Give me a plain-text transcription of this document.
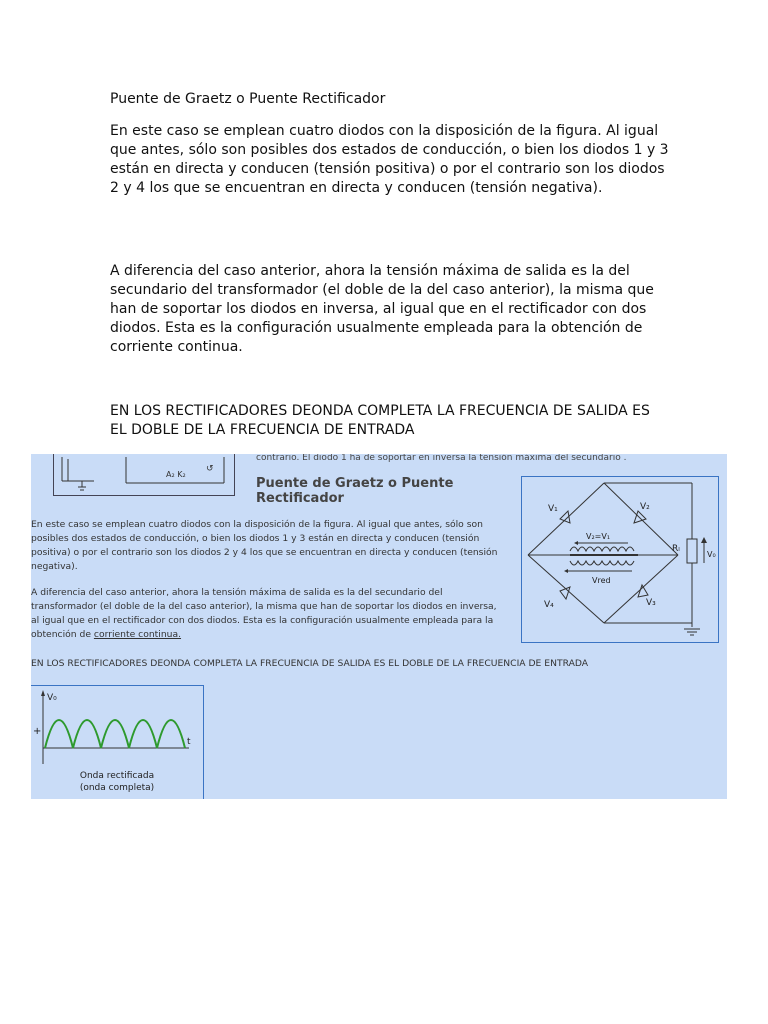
Puente de Graetz o Puente Rectificador

En este caso se emplean cuatro diodos con la disposición de la figura. Al igual que antes, sólo son posibles dos estados de conducción, o bien los diodos 1 y 3 están en directa y conducen (tensión positiva) o por el contrario son los diodos 2 y 4 los que se encuentran en directa y conducen (tensión negativa).

A diferencia del caso anterior, ahora la tensión máxima de salida es la del secundario del transformador (el doble de la del caso anterior), la misma que han de soportar los diodos en inversa, al igual que en el rectificador con dos diodos. Esta es la configuración usualmente empleada para la obtención de corriente continua.

EN LOS RECTIFICADORES DEONDA COMPLETA LA FRECUENCIA DE SALIDA ES EL DOBLE DE LA FRECUENCIA DE ENTRADA

A₂ K₂
↺
contrario. El diodo 1 ha de soportar en inversa la tensión máxima del secundario .
Puente de Graetz o Puente
Rectificador
En este caso se emplean cuatro diodos con la disposición de la figura. Al igual que antes, sólo son posibles dos estados de conducción, o bien los diodos 1 y 3 están en directa y conducen (tensión positiva) o por el contrario son los diodos 2 y 4 los que se encuentran en directa y conducen (tensión negativa).
A diferencia del caso anterior, ahora la tensión máxima de salida es la del secundario del transformador (el doble de la del caso anterior), la misma que han de soportar los diodos en inversa, al igual que en el rectificador con dos diodos. Esta es la configuración usualmente empleada para la obtención de corriente continua.
EN LOS RECTIFICADORES DEONDA COMPLETA LA FRECUENCIA DE SALIDA ES EL DOBLE DE LA FRECUENCIA DE ENTRADA
V₁	V₂
V₄	V₃
V₂=V₁
Vred
Rₗ
V₀
V₀
+
t
Onda rectificada
(onda completa)
